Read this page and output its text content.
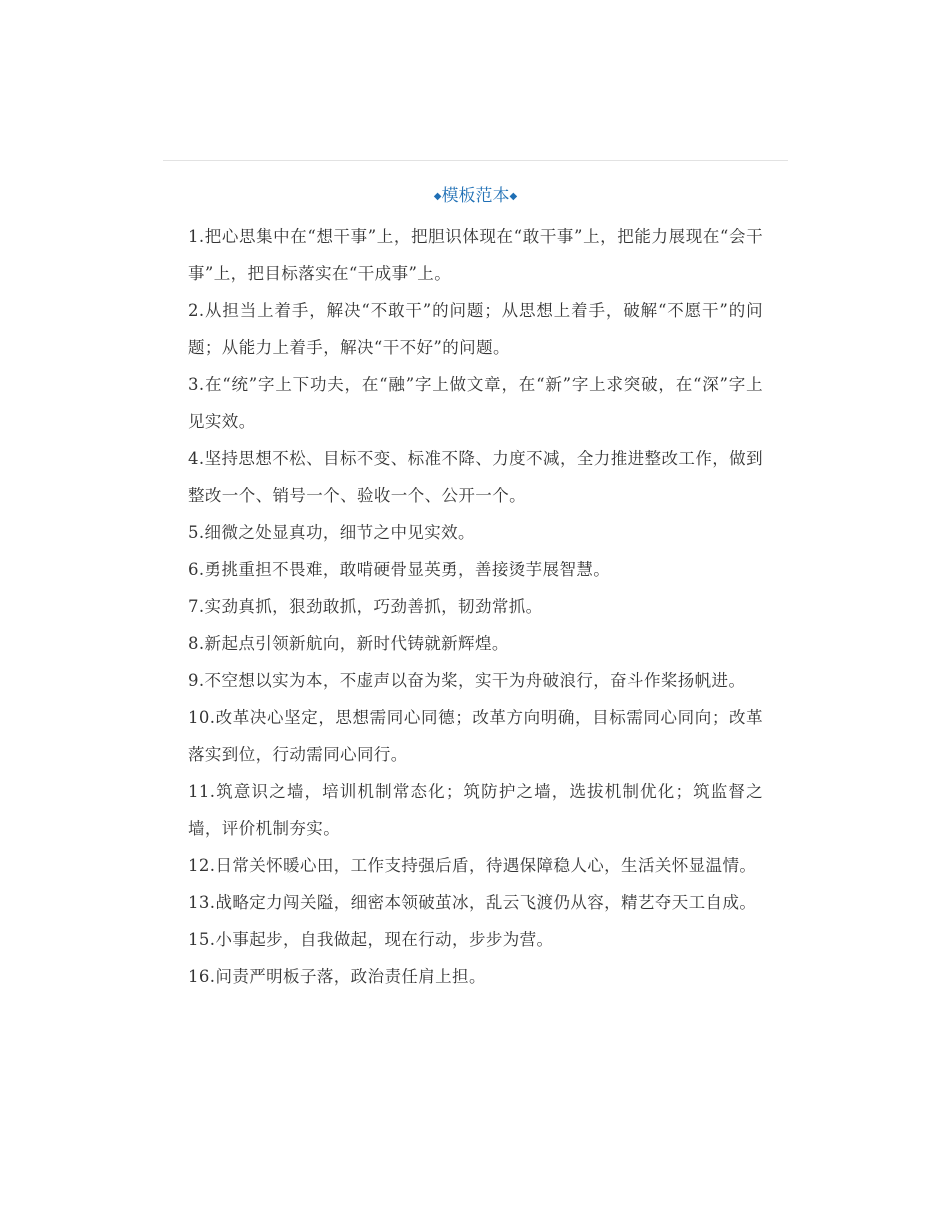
◆模板范本◆

1.把心思集中在“想干事”上，把胆识体现在“敢干事”上，把能力展现在“会干事”上，把目标落实在“干成事”上。

2.从担当上着手，解决“不敢干”的问题；从思想上着手，破解“不愿干”的问题；从能力上着手，解决“干不好”的问题。

3.在“统”字上下功夫，在“融”字上做文章，在“新”字上求突破，在“深”字上见实效。

4.坚持思想不松、目标不变、标准不降、力度不减，全力推进整改工作，做到整改一个、销号一个、验收一个、公开一个。

5.细微之处显真功，细节之中见实效。

6.勇挑重担不畏难，敢啃硬骨显英勇，善接烫芋展智慧。

7.实劲真抓，狠劲敢抓，巧劲善抓，韧劲常抓。

8.新起点引领新航向，新时代铸就新辉煌。

9.不空想以实为本，不虚声以奋为桨，实干为舟破浪行，奋斗作桨扬帆进。

10.改革决心坚定，思想需同心同德；改革方向明确，目标需同心同向；改革落实到位，行动需同心同行。

11.筑意识之墙，培训机制常态化；筑防护之墙，选拔机制优化；筑监督之墙，评价机制夯实。

12.日常关怀暖心田，工作支持强后盾，待遇保障稳人心，生活关怀显温情。

13.战略定力闯关隘，细密本领破茧冰，乱云飞渡仍从容，精艺夺天工自成。

15.小事起步，自我做起，现在行动，步步为营。

16.问责严明板子落，政治责任肩上担。
